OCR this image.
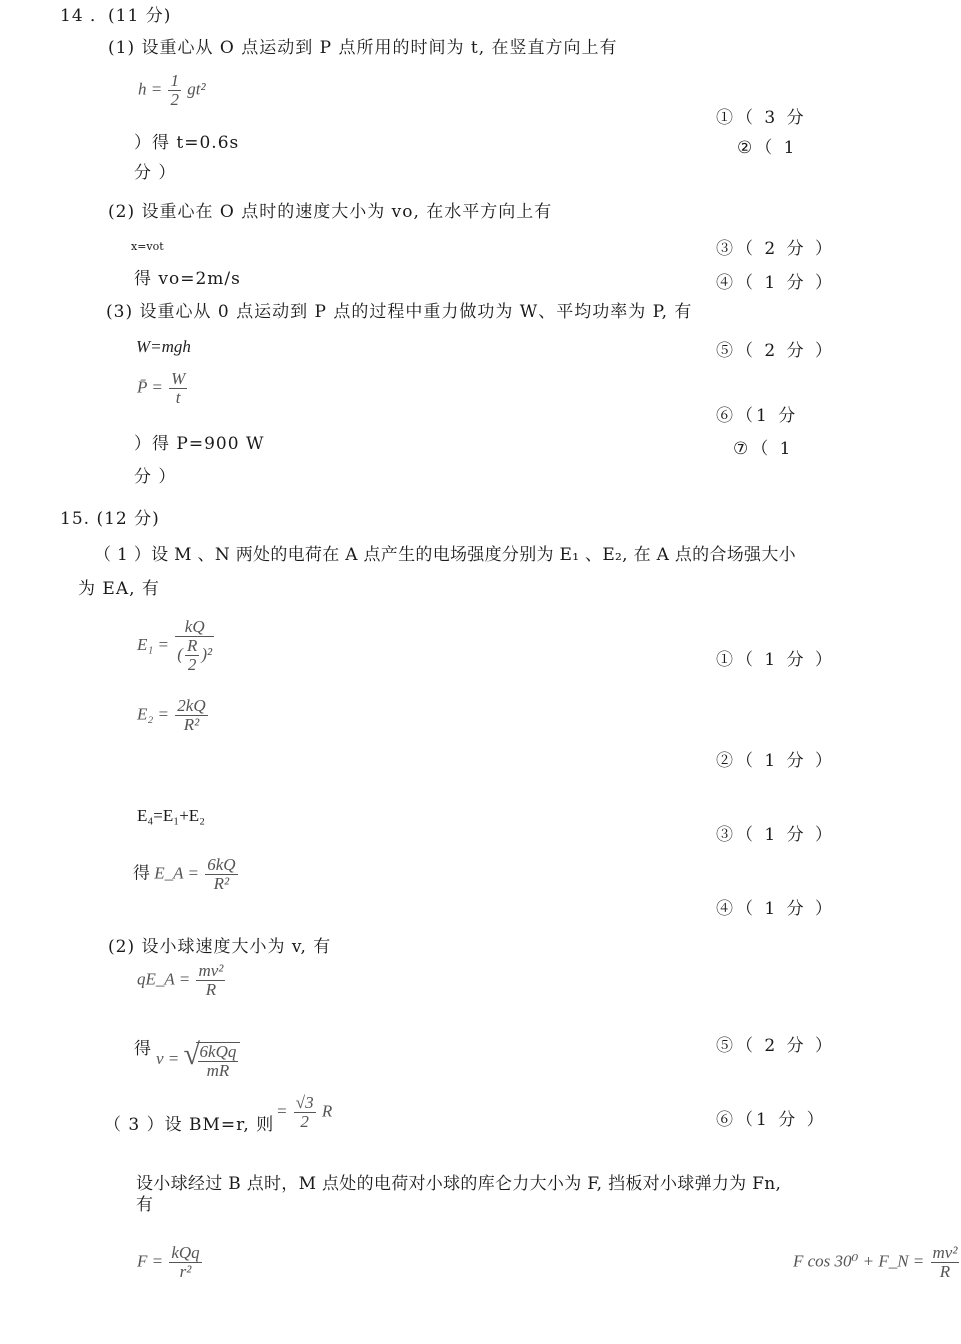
14 ．(11 分)
(1) 设重心从 O 点运动到 P 点所用的时间为 t, 在竖直方向上有
$h = \frac{1}{2} gt^2$
①（ 3 分
）得 t=0.6s	②（ 1
分 ）
(2) 设重心在 O 点时的速度大小为 vo, 在水平方向上有
x=vot	③（ 2 分 ）
得 vo=2m/s	④（ 1 分 ）
(3) 设重心从 0 点运动到 P 点的过程中重力做功为 W、平均功率为 P, 有
W=mgh	⑤（ 2 分 ）
P̄ = $\frac{W}{t}$
⑥（1 分
）得 P=900 W	⑦（ 1
分 ）
15. (12 分)
（ 1 ）设 M 、N 两处的电荷在 A 点产生的电场强度分别为 E₁ 、E₂, 在 A 点的合场强大小
为 EA, 有
$E_1 = \frac{kQ}{( \frac{R}{2} )^2}$	①（ 1 分 ）
$E_2 = \frac{2kQ}{\text{R²}}$
②（ 1 分 ）
E₄=E₁+E₂
③（ 1 分 ）
得 E_A = $\frac{6kQ}{\text{R²}}$
④（ 1 分 ）
(2) 设小球速度大小为 v, 有
qE_A = $\frac{\text{mv²}}{R}$
得 v = √
$\frac{\text{6kQq}}{mR}$	⑤（ 2 分 ）
（ 3 ）设 BM=r, 则
= $\frac{√3}{2}$ R	⑥（1 分 ）
设小球经过 B 点时，M 点处的电荷对小球的库仑力大小为 F, 挡板对小球弹力为 Fn,
有
$F = \frac{\text{kQq}}{\text{r²}}$	F cos 30⁰ + F_N = $\frac{\text{mv²}}{R}$
